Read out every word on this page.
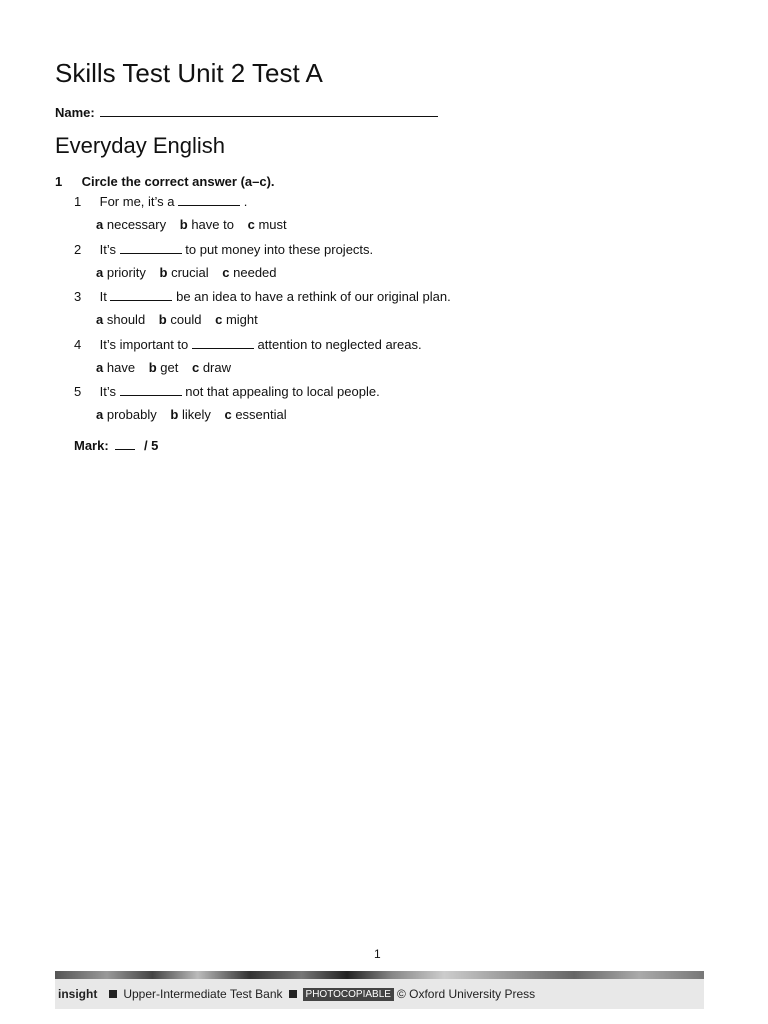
Skills Test Unit 2 Test A
Name:
Everyday English
1 Circle the correct answer (a–c).
1 For me, it’s a	.
a necessary b have to c must
2 It’s	to put money into these projects.
a priority b crucial c needed
3 It	be an idea to have a rethink of our original plan.
a should b could c might
4 It’s important to	attention to neglected areas.
a have b get c draw
5 It’s	not that appealing to local people.
a probably b likely c essential
Mark:	/ 5
1
insight Upper-Intermediate Test Bank	PHOTOCOPIABLE © Oxford University Press
